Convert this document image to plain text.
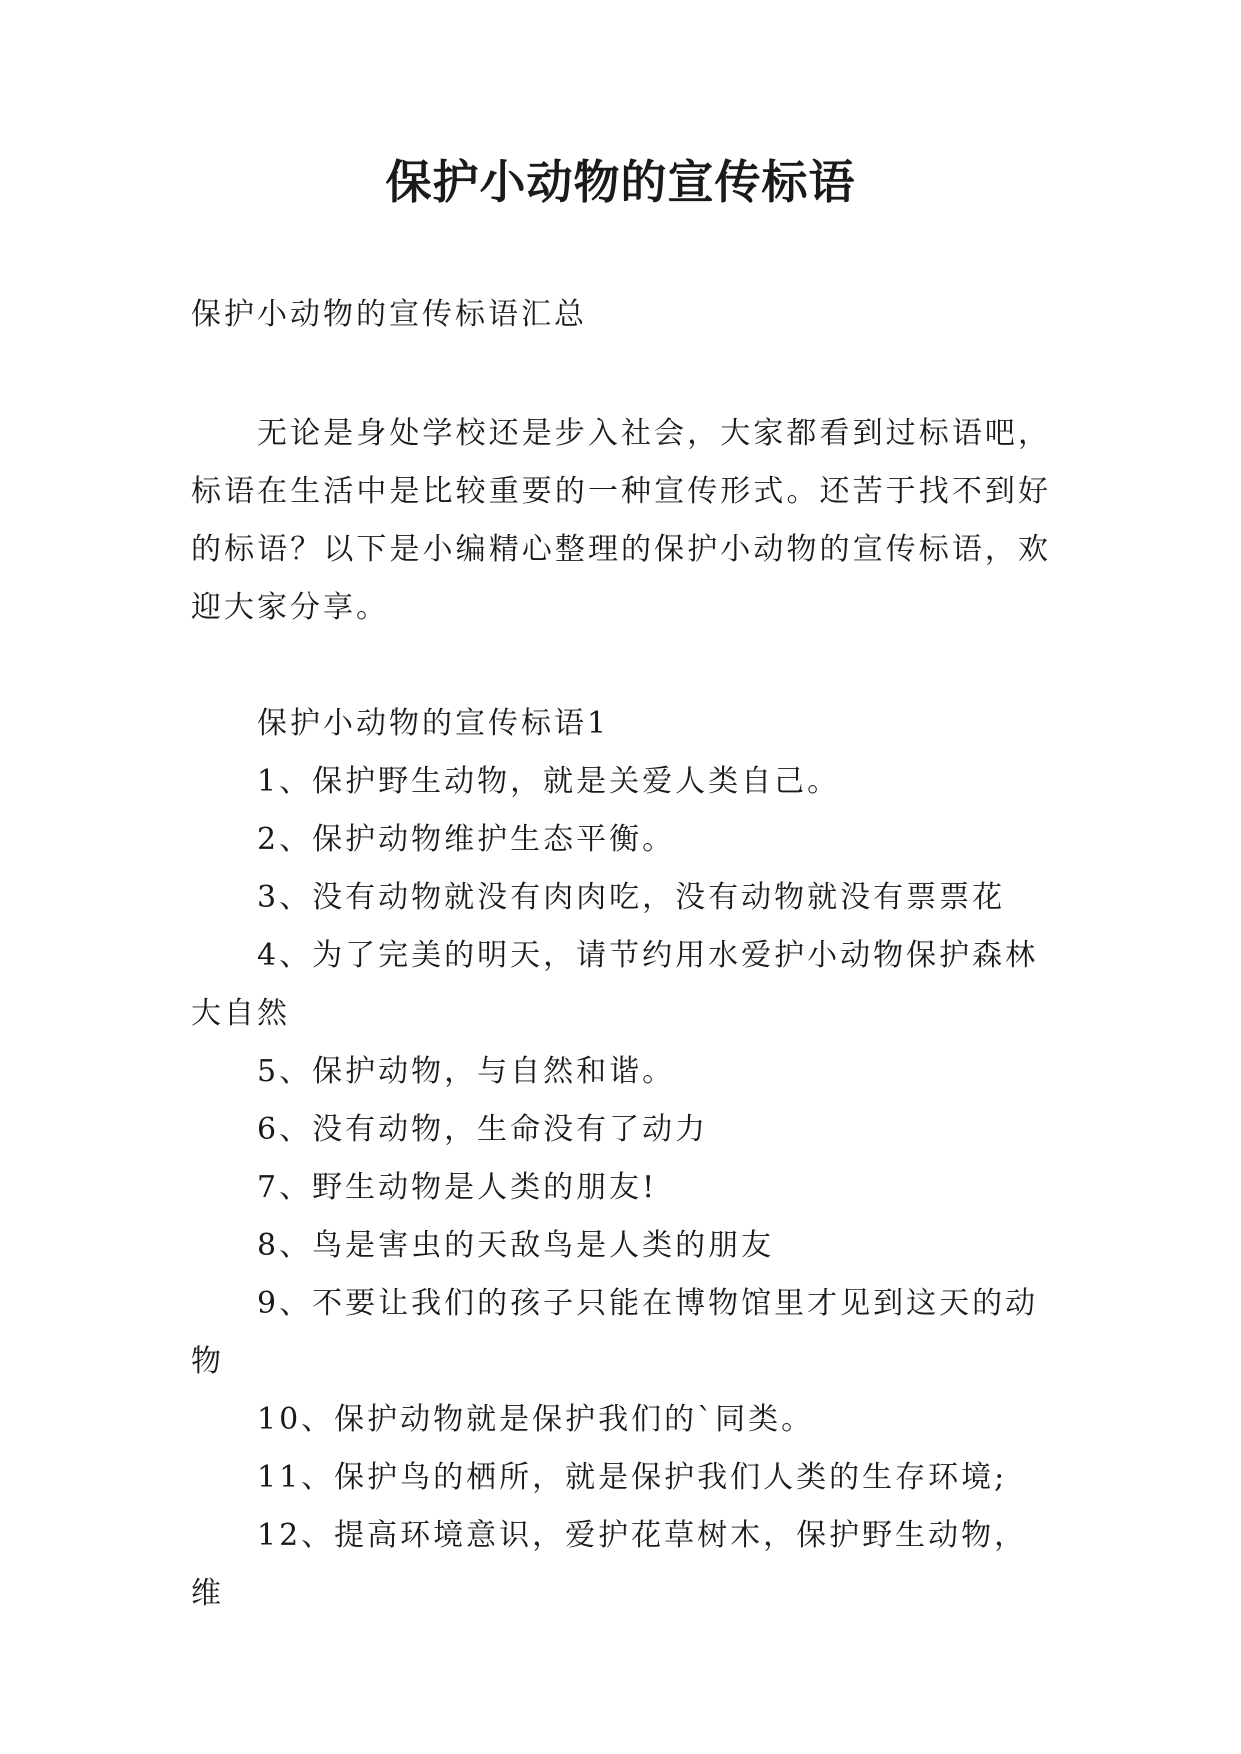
保护小动物的宣传标语
保护小动物的宣传标语汇总
无论是身处学校还是步入社会，大家都看到过标语吧，标语在生活中是比较重要的一种宣传形式。还苦于找不到好的标语？以下是小编精心整理的保护小动物的宣传标语，欢迎大家分享。

保护小动物的宣传标语1

1、保护野生动物，就是关爱人类自己。

2、保护动物维护生态平衡。

3、没有动物就没有肉肉吃，没有动物就没有票票花

4、为了完美的明天，请节约用水爱护小动物保护森林大自然

5、保护动物，与自然和谐。

6、没有动物，生命没有了动力

7、野生动物是人类的朋友!

8、鸟是害虫的天敌鸟是人类的朋友

9、不要让我们的孩子只能在博物馆里才见到这天的动物

10、保护动物就是保护我们的`同类。

11、保护鸟的栖所，就是保护我们人类的生存环境;

12、提高环境意识，爱护花草树木，保护野生动物，维
